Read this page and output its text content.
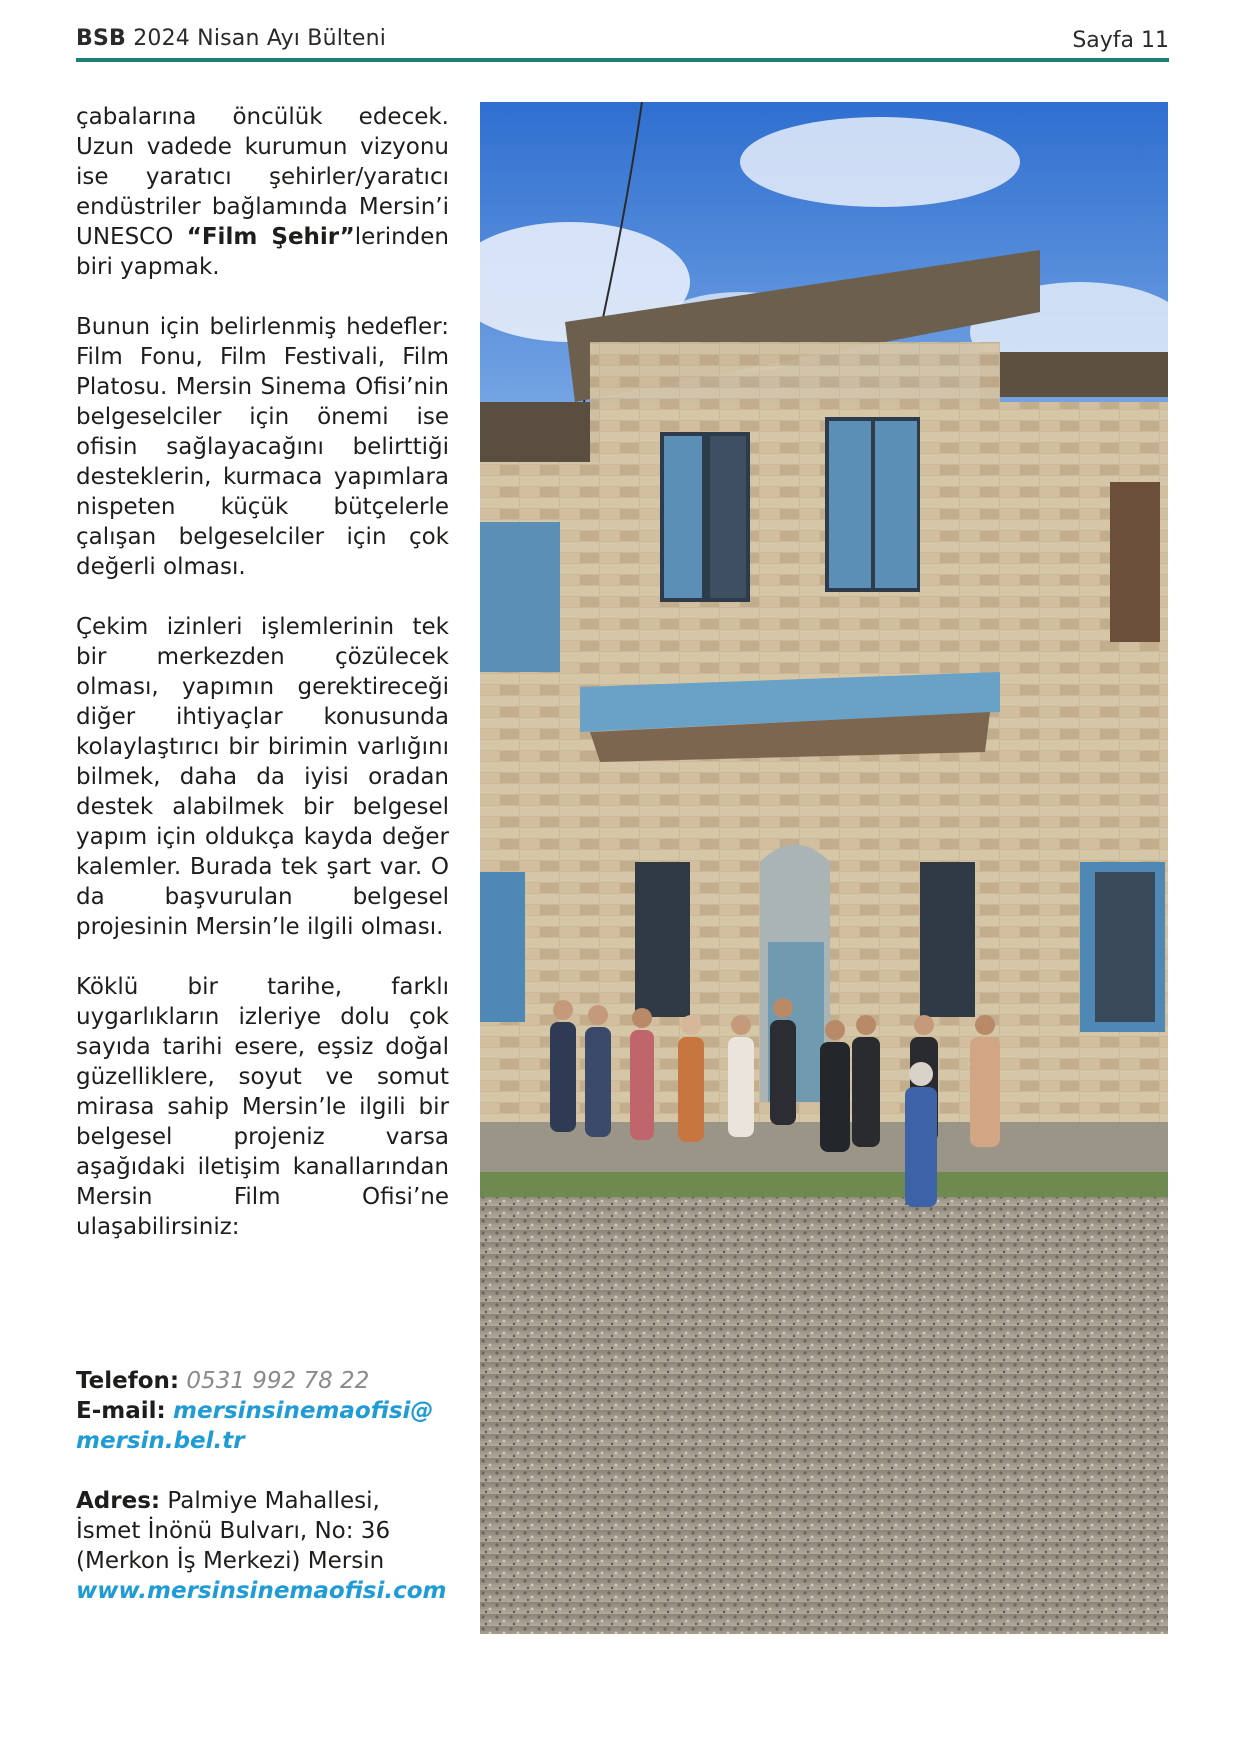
BSB 2024 Nisan Ayı Bülteni	Sayfa 11

çabalarına öncülük edecek. Uzun vadede kurumun vizyonu ise yaratıcı şehirler/yaratıcı endüstriler bağlamında Mersin’i UNESCO “Film Şehir”lerinden biri yapmak.

Bunun için belirlenmiş hedefler: Film Fonu, Film Festivali, Film Platosu. Mersin Sinema Ofisi’nin belgeselciler için önemi ise ofisin sağlayacağını belirttiği desteklerin, kurmaca yapımlara nispeten küçük bütçelerle çalışan belgeselciler için çok değerli olması.

Çekim izinleri işlemlerinin tek bir merkezden çözülecek olması, yapımın gerektireceği diğer ihtiyaçlar konusunda kolaylaştırıcı bir birimin varlığını bilmek, daha da iyisi oradan destek alabilmek bir belgesel yapım için oldukça kayda değer kalemler. Burada tek şart var. O da başvurulan belgesel projesinin Mersin’le ilgili olması.

Köklü bir tarihe, farklı uygarlıkların izleriye dolu çok sayıda tarihi esere, eşsiz doğal güzelliklere, soyut ve somut mirasa sahip Mersin’le ilgili bir belgesel projeniz varsa aşağıdaki iletişim kanallarından Mersin Film Ofisi’ne ulaşabilirsiniz:

Telefon: 0531 992 78 22
E-mail: mersinsinemaofisi@
mersin.bel.tr
Adres: Palmiye Mahallesi,
İsmet İnönü Bulvarı, No: 36
(Merkon İş Merkezi) Mersin
www.mersinsinemaofisi.com
